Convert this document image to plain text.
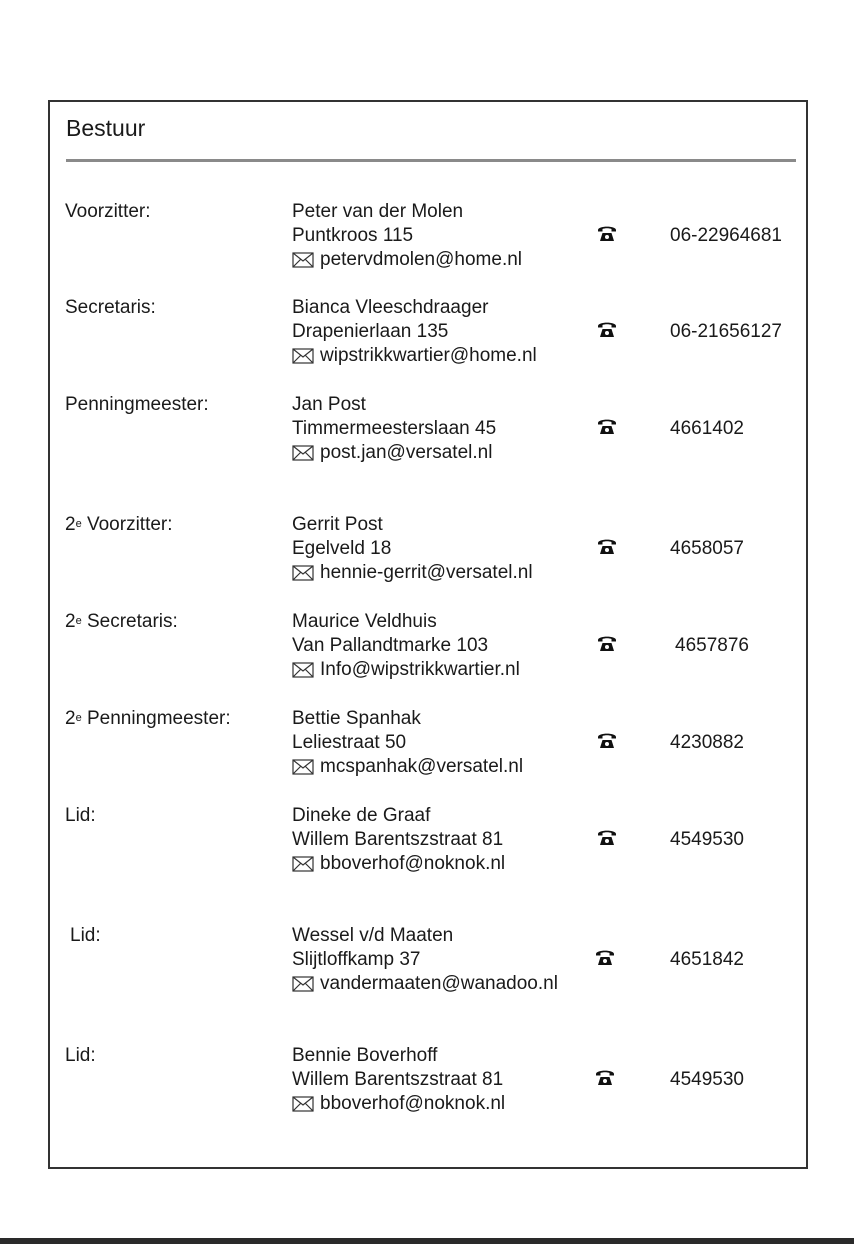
Bestuur
Voorzitter:	Peter van der Molen
Puntkroos 115
petervdmolen@home.nl
06-22964681
Secretaris:	Bianca Vleeschdraager
Drapenierlaan 135
wipstrikkwartier@home.nl
06-21656127
Penningmeester:	Jan Post
Timmermeesterslaan 45
post.jan@versatel.nl
4661402
2e Voorzitter:	Gerrit Post
Egelveld 18
hennie-gerrit@versatel.nl
4658057
2e Secretaris:	Maurice Veldhuis
Van Pallandtmarke 103
Info@wipstrikkwartier.nl
4657876
2e Penningmeester:	Bettie Spanhak
Leliestraat 50
mcspanhak@versatel.nl
4230882
Lid:	Dineke de Graaf
Willem Barentszstraat 81
bboverhof@noknok.nl
4549530
Lid:	Wessel v/d Maaten
Slijtloffkamp 37
vandermaaten@wanadoo.nl
4651842
Lid:	Bennie Boverhoff
Willem Barentszstraat 81
bboverhof@noknok.nl
4549530
